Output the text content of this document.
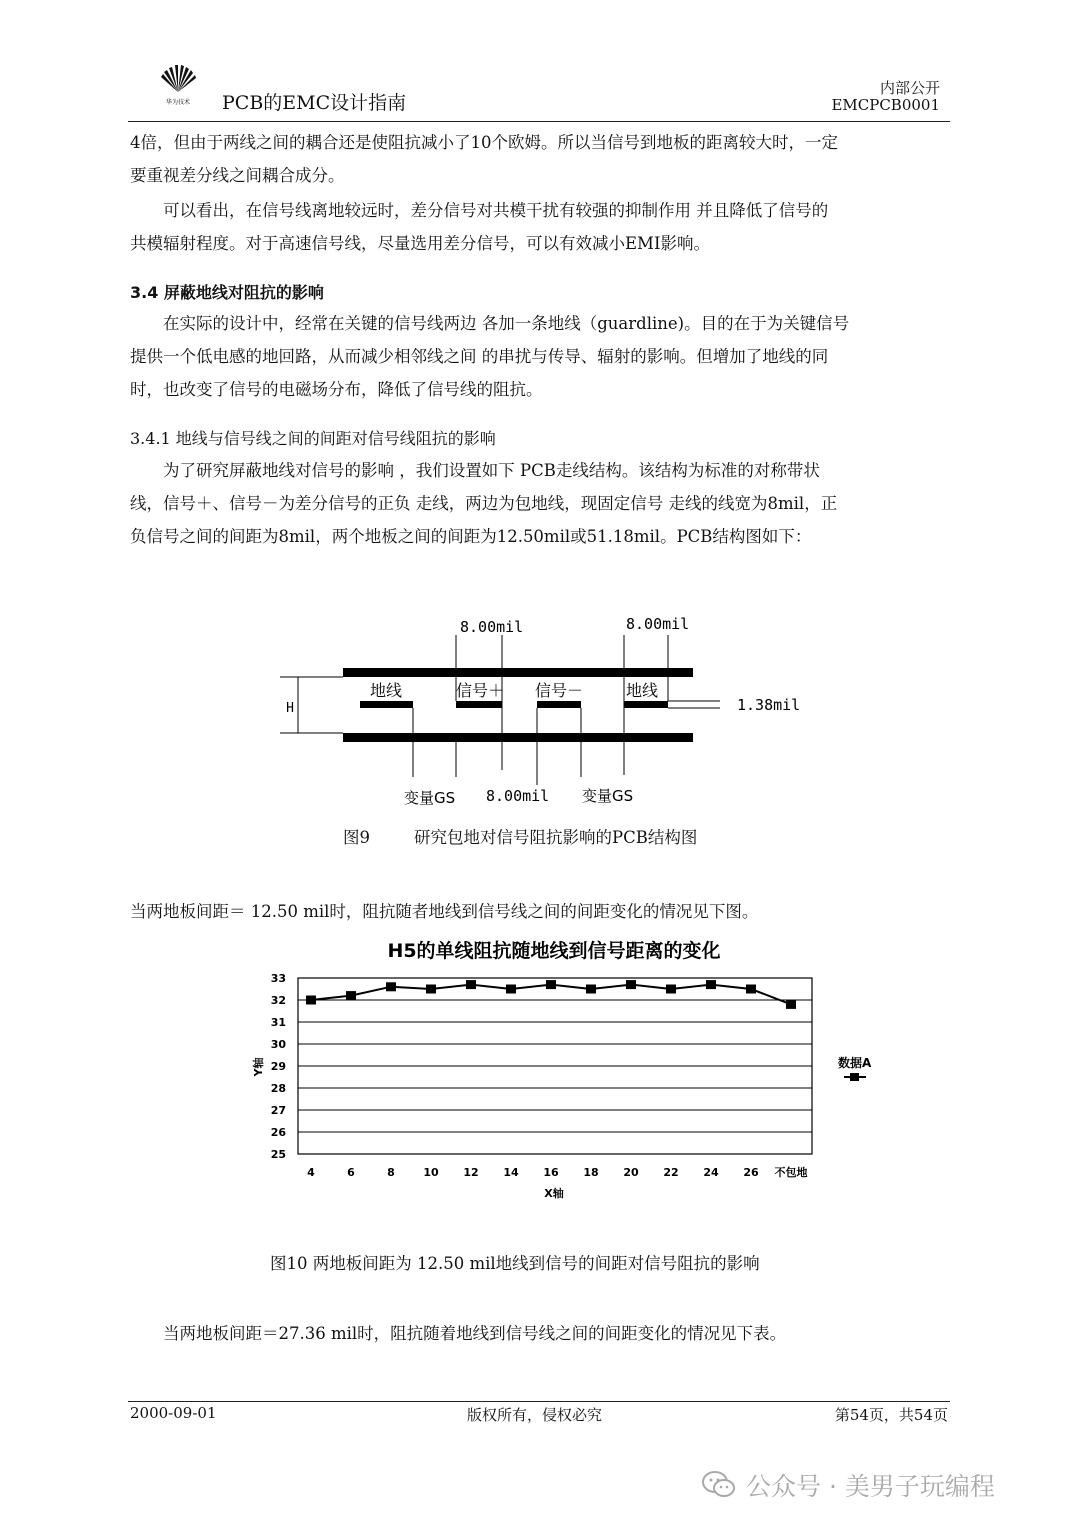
华为技术 PCB的EMC设计指南
内部公开
EMCPCB0001
4倍，但由于两线之间的耦合还是使阻抗减小了10个欧姆。所以当信号到地板的距离较大时，一定
要重视差分线之间耦合成分。
可以看出，在信号线离地较远时，差分信号对共模干扰有较强的抑制作用 并且降低了信号的
共模辐射程度。对于高速信号线，尽量选用差分信号，可以有效减小EMI影响。
3.4 屏蔽地线对阻抗的影响
在实际的设计中，经常在关键的信号线两边 各加一条地线（guardline)。目的在于为关键信号
提供一个低电感的地回路，从而减少相邻线之间 的串扰与传导、辐射的影响。但增加了地线的同
时，也改变了信号的电磁场分布，降低了信号线的阻抗。
3.4.1 地线与信号线之间的间距对信号线阻抗的影响
为了研究屏蔽地线对信号的影响 ，我们设置如下 PCB走线结构。该结构为标准的对称带状
线，信号＋、信号－为差分信号的正负 走线，两边为包地线，现固定信号 走线的线宽为8mil，正
负信号之间的间距为8mil，两个地板之间的间距为12.50mil或51.18mil。PCB结构图如下：
H
8.00mil	8.00mil
1.38mil
地线	信号＋ 信号－	地线
变量GS 8.00mil 变量GS
图9	研究包地对信号阻抗影响的PCB结构图
当两地板间距＝ 12.50 mil时，阻抗随者地线到信号线之间的间距变化的情况见下图。
H5的单线阻抗随地线到信号距离的变化
25
26
27
28
29
30
31
32
33
4	6	8	10 12 14 16 18 20 22 24 26 不包地
Y轴
X轴
数据A
图10 两地板间距为 12.50 mil地线到信号的间距对信号阻抗的影响
当两地板间距＝27.36 mil时，阻抗随着地线到信号线之间的间距变化的情况见下表。
2000-09-01	版权所有，侵权必究	第54页，共54页
公众号 · 美男子玩编程
